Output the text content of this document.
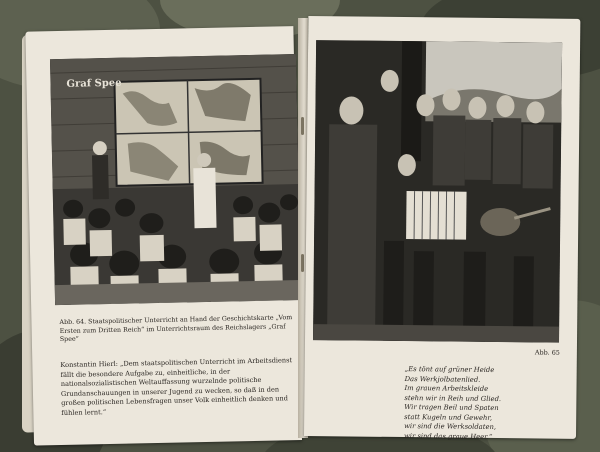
Graf Spee
Abb. 64. Staatspolitischer Unterricht an Hand der Geschichtskarte „Vom Ersten zum Dritten Reich“ im Unterrichtsraum des Reichslagers „Graf Spee“
Konstantin Hierl: „Dem staatspolitischen Unterricht im Arbeitsdienst fällt die besondere Aufgabe zu, einheitliche, in der nationalsozialistischen Weltauffassung wurzelnde politische Grundanschauungen in unserer Jugend zu wecken, so daß in den großen politischen Lebensfragen unser Volk einheitlich denken und fühlen lernt.“
Abb. 65
„Es tönt auf grüner Heide
Das Werkjolbatenlied.
Im grauen Arbeitskleide
stehn wir in Reih und Glied.
Wir tragen Beil und Spaten
statt Kugeln und Gewehr,
wir sind die Werksoldaten,
wir sind das graue Heer.“
